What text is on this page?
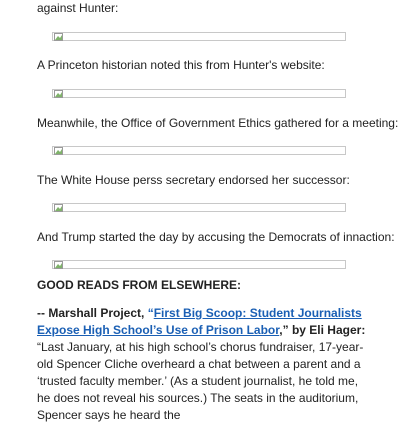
against Hunter:
A Princeton historian noted this from Hunter's website:
Meanwhile, the Office of Government Ethics gathered for a meeting:
The White House perss secretary endorsed her successor:
And Trump started the day by accusing the Democrats of innaction:
GOOD READS FROM ELSEWHERE:
-- Marshall Project, “First Big Scoop: Student Journalists Expose High School’s Use of Prison Labor,” by Eli Hager: “Last January, at his high school’s chorus fundraiser, 17-year-old Spencer Cliche overheard a chat between a parent and a ‘trusted faculty member.’ (As a student journalist, he told me, he does not reveal his sources.) The seats in the auditorium, Spencer says he heard the
